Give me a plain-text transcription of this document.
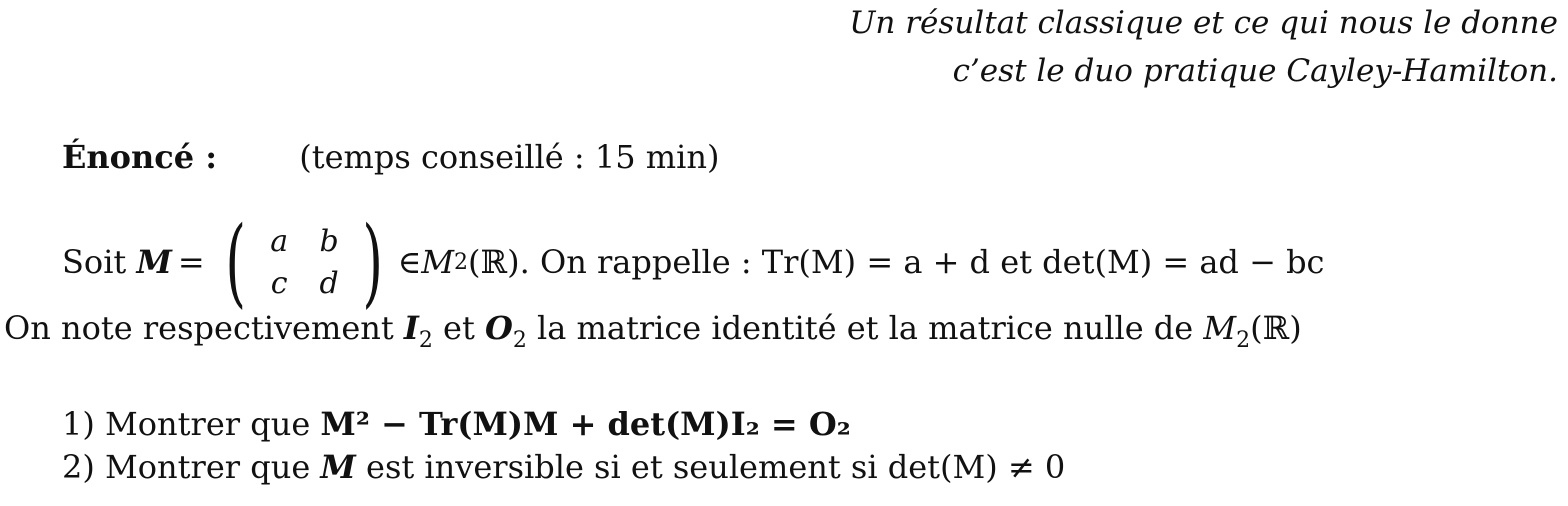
Un résultat classique et ce qui nous le donne
c’est le duo pratique Cayley-Hamilton.
Énoncé :	(temps conseillé : 15 min)
Soit
M = ( a	b
c	d ) ∈ M 2 (ℝ). On rappelle : Tr(M) = a + d et det(M) = ad − bc
On note respectivement $I_2$ et $O_2$ la matrice identité et la matrice nulle de $M_2(ℝ)$
1) Montrer que M² − Tr(M)M + det(M)I₂ = O₂
2) Montrer que M est inversible si et seulement si det(M) ≠ 0
